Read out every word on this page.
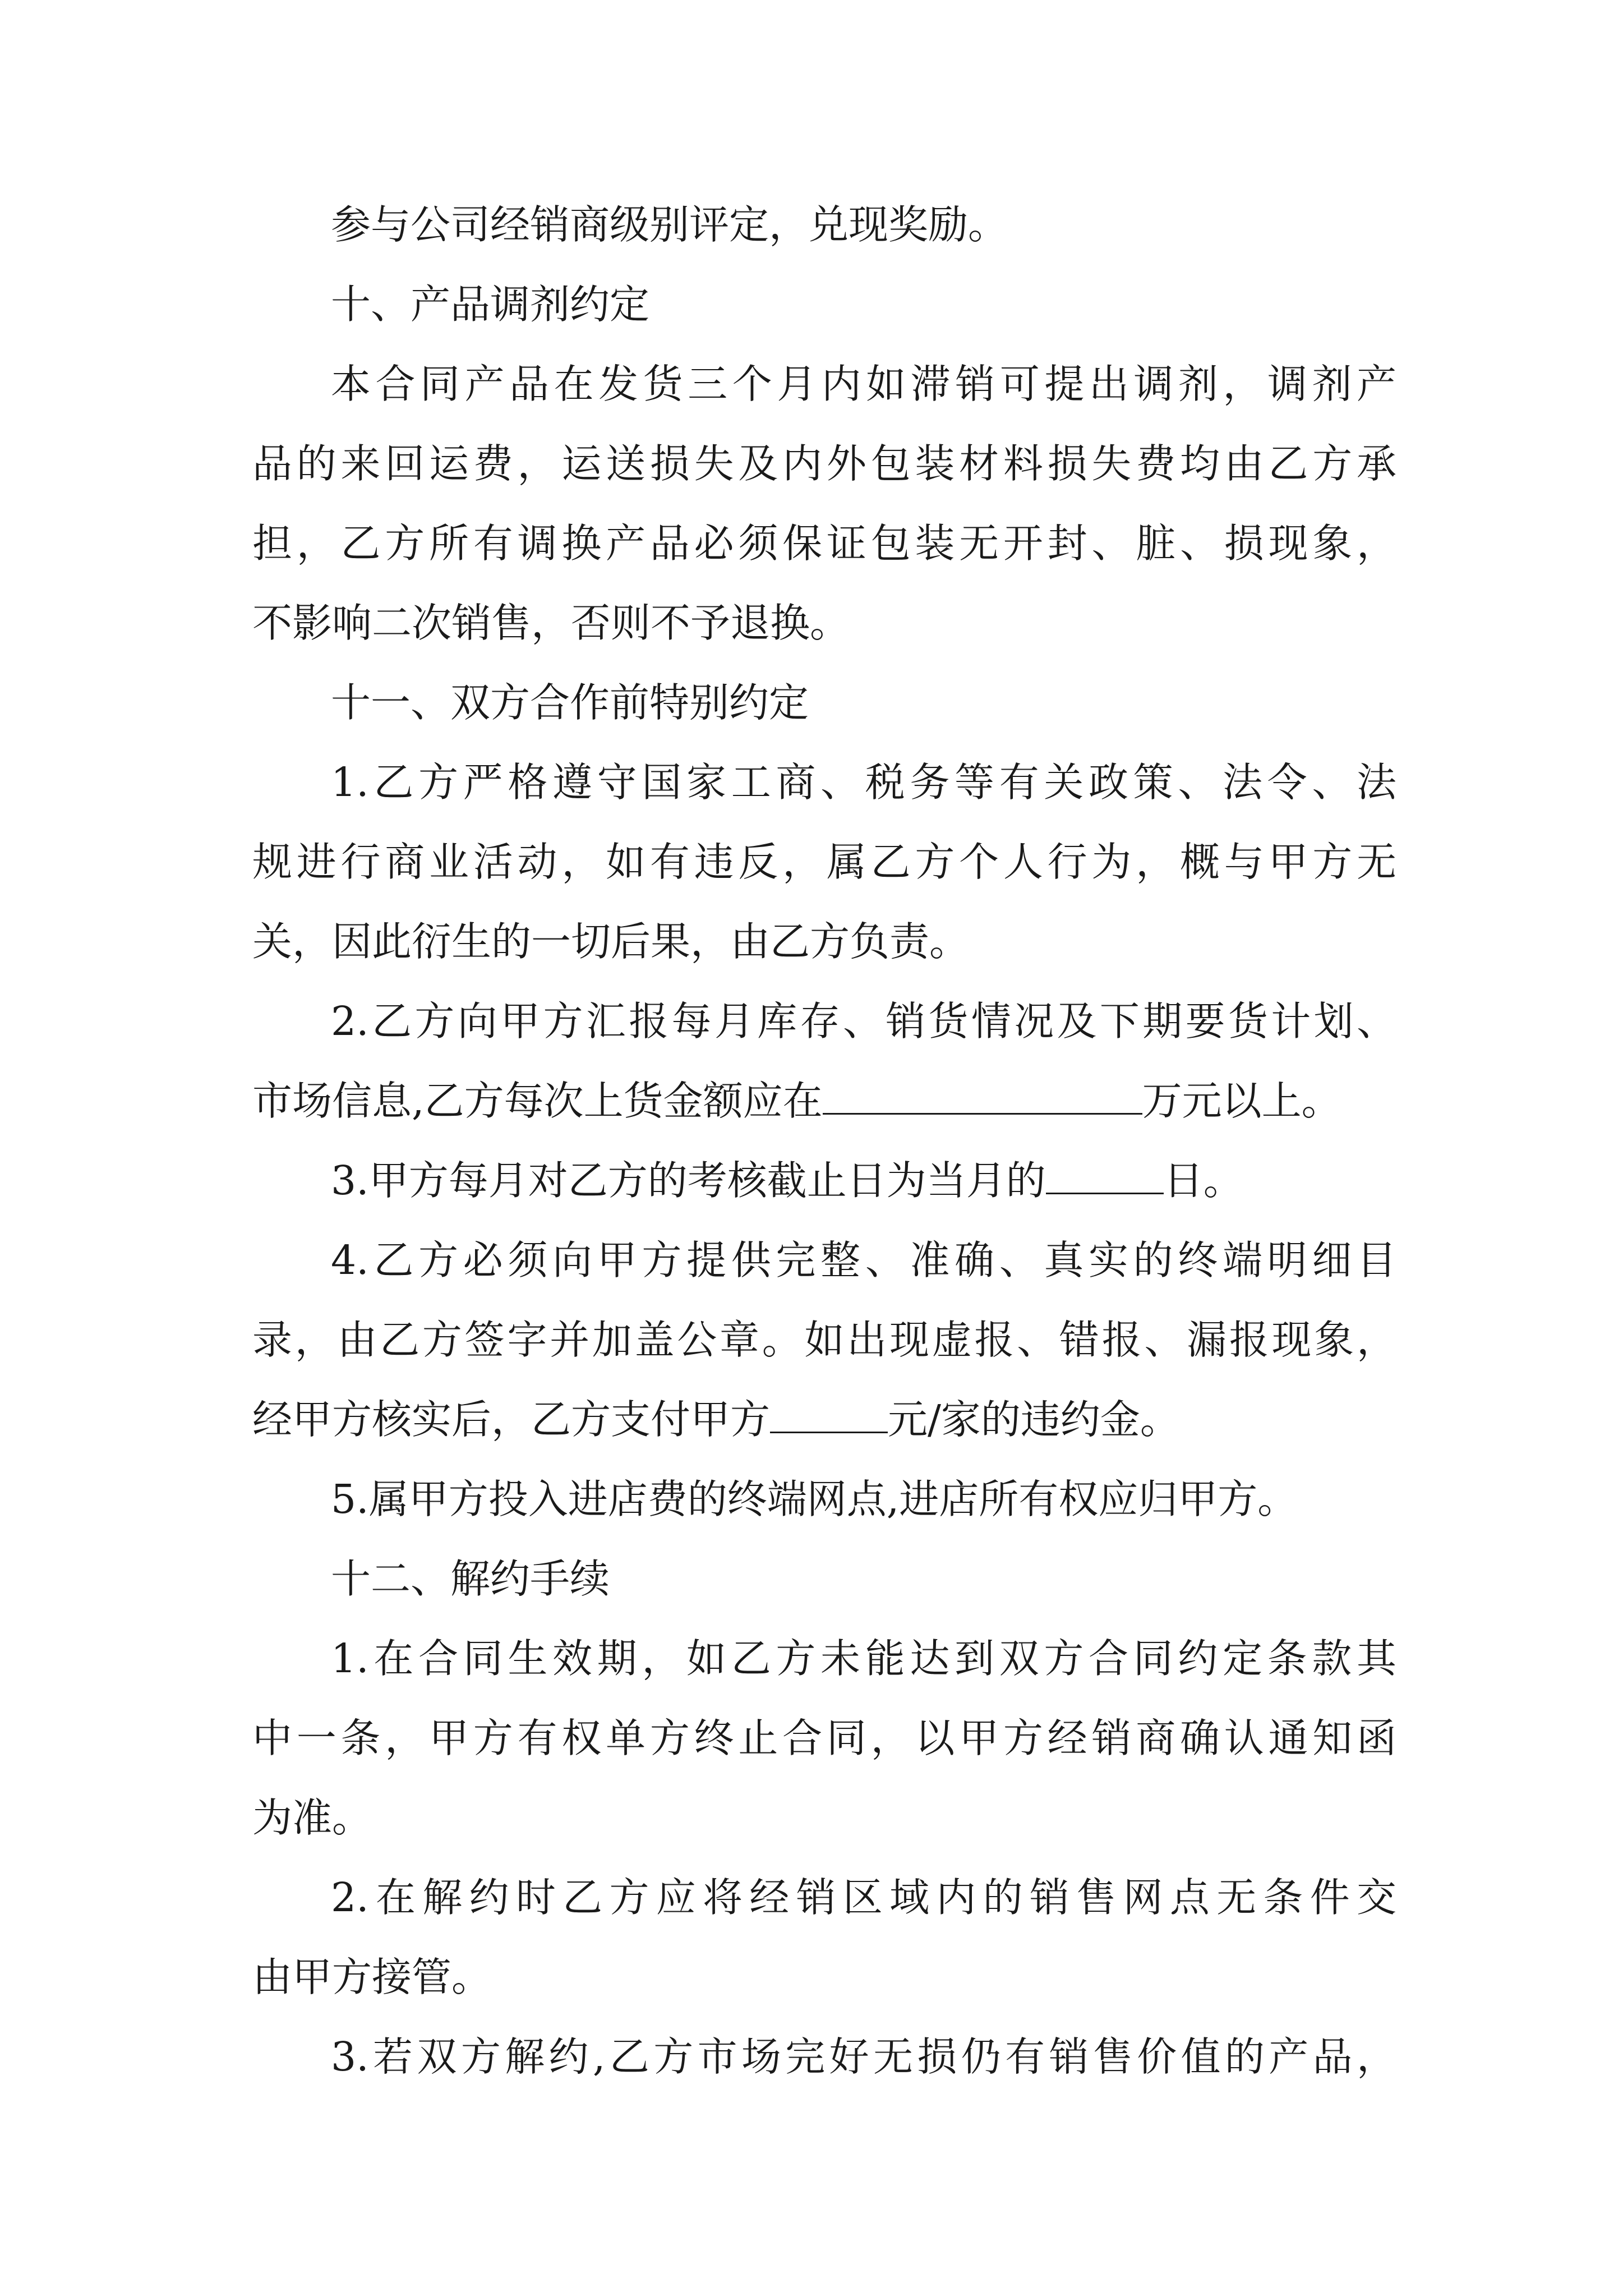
参与公司经销商级别评定，兑现奖励。
十、产品调剂约定
本合同产品在发货三个月内如滞销可提出调剂，调剂产
品的来回运费，运送损失及内外包装材料损失费均由乙方承
担，乙方所有调换产品必须保证包装无开封、脏、损现象，
不影响二次销售，否则不予退换。
十一、双方合作前特别约定
1.乙方严格遵守国家工商、税务等有关政策、法令、法
规进行商业活动，如有违反，属乙方个人行为，概与甲方无
关，因此衍生的一切后果，由乙方负责。
2.乙方向甲方汇报每月库存、销货情况及下期要货计划、
市场信息,乙方每次上货金额应在	万元以上。
3.甲方每月对乙方的考核截止日为当月的	日。
4.乙方必须向甲方提供完整、准确、真实的终端明细目
录，由乙方签字并加盖公章。如出现虚报、错报、漏报现象，
经甲方核实后，乙方支付甲方	元/家的违约金。
5.属甲方投入进店费的终端网点,进店所有权应归甲方。
十二、解约手续
1.在合同生效期，如乙方未能达到双方合同约定条款其
中一条，甲方有权单方终止合同，以甲方经销商确认通知函
为准。
2.在解约时乙方应将经销区域内的销售网点无条件交
由甲方接管。
3.若双方解约,乙方市场完好无损仍有销售价值的产品，
